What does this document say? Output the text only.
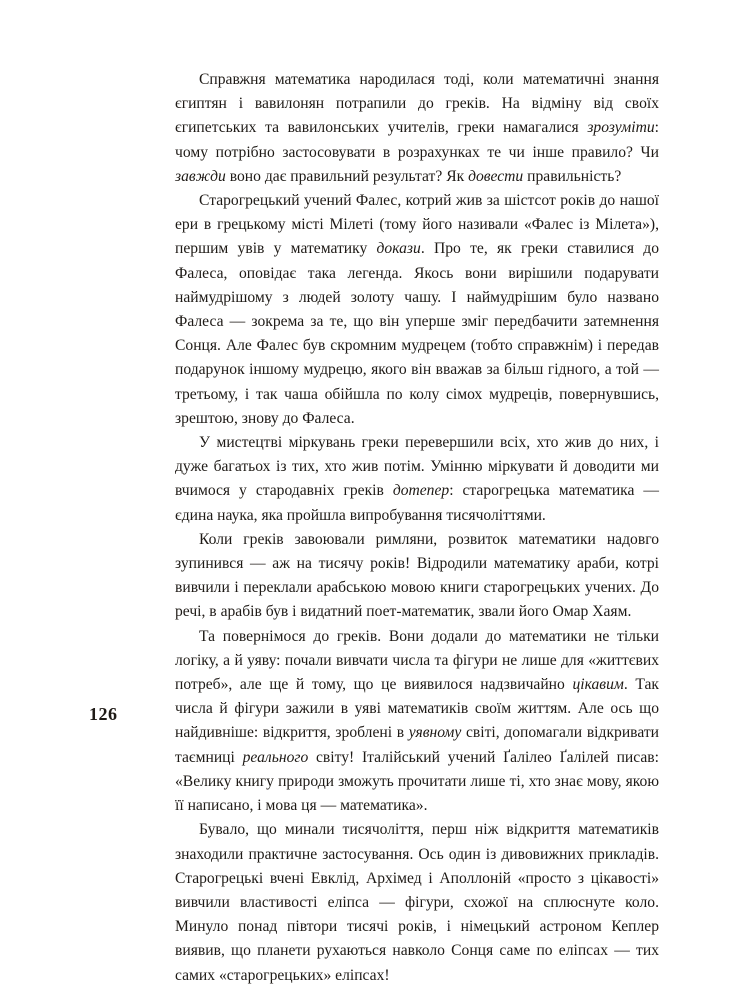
Справжня математика народилася тоді, коли математичні знання єгиптян і вавилонян потрапили до греків. На відміну від своїх єгипетських та вавилонських учителів, греки намагалися зрозуміти: чому потрібно застосовувати в розрахунках те чи інше правило? Чи завжди воно дає правильний результат? Як довести правильність?

Старогрецький учений Фалес, котрий жив за шістсот років до нашої ери в грецькому місті Мілеті (тому його називали «Фалес із Мілета»), першим увів у математику докази. Про те, як греки ставилися до Фалеса, оповідає така легенда. Якось вони вирішили подарувати наймудрішому з людей золоту чашу. І наймудрішим було названо Фалеса — зокрема за те, що він уперше зміг передбачити затемнення Сонця. Але Фалес був скромним мудрецем (тобто справжнім) і передав подарунок іншому мудрецю, якого він вважав за більш гідного, а той — третьому, і так чаша обійшла по колу сімох мудреців, повернувшись, зрештою, знову до Фалеса.

У мистецтві міркувань греки перевершили всіх, хто жив до них, і дуже багатьох із тих, хто жив потім. Умінню міркувати й доводити ми вчимося у стародавніх греків дотепер: старогрецька математика — єдина наука, яка пройшла випробування тисячоліттями.

Коли греків завоювали римляни, розвиток математики надовго зупинився — аж на тисячу років! Відродили математику араби, котрі вивчили і переклали арабською мовою книги старогрецьких учених. До речі, в арабів був і видатний поет-математик, звали його Омар Хаям.

Та повернімося до греків. Вони додали до математики не тільки логіку, а й уяву: почали вивчати числа та фігури не лише для «життєвих потреб», але ще й тому, що це виявилося надзвичайно цікавим. Так числа й фігури зажили в уяві математиків своїм життям. Але ось що найдивніше: відкриття, зроблені в уявному світі, допомагали відкривати таємниці реального світу! Італійський учений Ґалілео Ґалілей писав: «Велику книгу природи зможуть прочитати лише ті, хто знає мову, якою її написано, і мова ця — математика».

Бувало, що минали тисячоліття, перш ніж відкриття математиків знаходили практичне застосування. Ось один із дивовижних прикладів. Старогрецькі вчені Евклід, Архімед і Аполлоній «просто з цікавості» вивчили властивості еліпса — фігури, схожої на сплюснуте коло. Минуло понад півтори тисячі років, і німецький астроном Кеплер виявив, що планети рухаються навколо Сонця саме по еліпсах — тих самих «старогрецьких» еліпсах!

126
